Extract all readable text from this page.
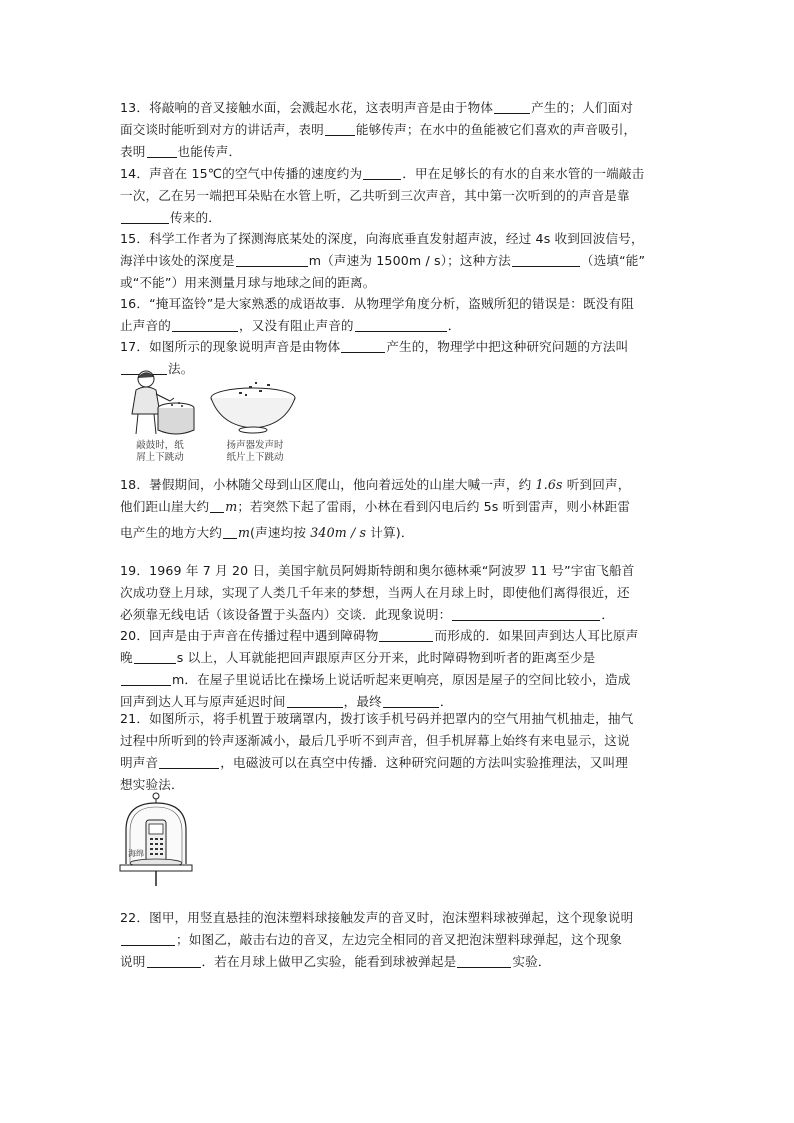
13．将敲响的音叉接触水面，会溅起水花，这表明声音是由于物体	产生的；人们面对
面交谈时能听到对方的讲话声，表明	能够传声；在水中的鱼能被它们喜欢的声音吸引，
表明	也能传声．
14．声音在 15℃的空气中传播的速度约为	．甲在足够长的有水的自来水管的一端敲击
一次，乙在另一端把耳朵贴在水管上听，乙共听到三次声音，其中第一次听到的的声音是靠
传来的．
15．科学工作者为了探测海底某处的深度，向海底垂直发射超声波，经过 4s 收到回波信号，
海洋中该处的深度是	m（声速为 1500m / s）；这种方法	（选填“能”
或“不能”）用来测量月球与地球之间的距离。
16．“掩耳盗铃”是大家熟悉的成语故事．从物理学角度分析，盗贼所犯的错误是：既没有阻
止声音的	，又没有阻止声音的	．
17．如图所示的现象说明声音是由物体	产生的，物理学中把这种研究问题的方法叫
法。
敲鼓时，纸
屑上下跳动
扬声器发声时
纸片上下跳动
18．暑假期间，小林随父母到山区爬山，他向着远处的山崖大喊一声，约 1.6s 听到回声，
他们距山崖大约 m；若突然下起了雷雨，小林在看到闪电后约 5s 听到雷声，则小林距雷
电产生的地方大约 m(声速均按 340m / s 计算)．
19．1969 年 7 月 20 日，美国宇航员阿姆斯特朗和奥尔德林乘“阿波罗 11 号”宇宙飞船首
次成功登上月球，实现了人类几千年来的梦想，当两人在月球上时，即使他们离得很近，还
必须靠无线电话（该设备置于头盔内）交谈．此现象说明：	．
20．回声是由于声音在传播过程中遇到障碍物	而形成的．如果回声到达人耳比原声
晚	s 以上，人耳就能把回声跟原声区分开来，此时障碍物到听者的距离至少是
m．在屋子里说话比在操场上说话听起来更响亮，原因是屋子的空间比较小，造成
回声到达人耳与原声延迟时间	，最终	．
21．如图所示，将手机置于玻璃罩内，拨打该手机号码并把罩内的空气用抽气机抽走，抽气
过程中所听到的铃声逐渐减小，最后几乎听不到声音，但手机屏幕上始终有来电显示，这说
明声音	，电磁波可以在真空中传播．这种研究问题的方法叫实验推理法，又叫理
想实验法．
海绵
22．图甲，用竖直悬挂的泡沫塑料球接触发声的音叉时，泡沫塑料球被弹起，这个现象说明
；如图乙，敲击右边的音叉，左边完全相同的音叉把泡沫塑料球弹起，这个现象
说明	．若在月球上做甲乙实验，能看到球被弹起是	实验．
